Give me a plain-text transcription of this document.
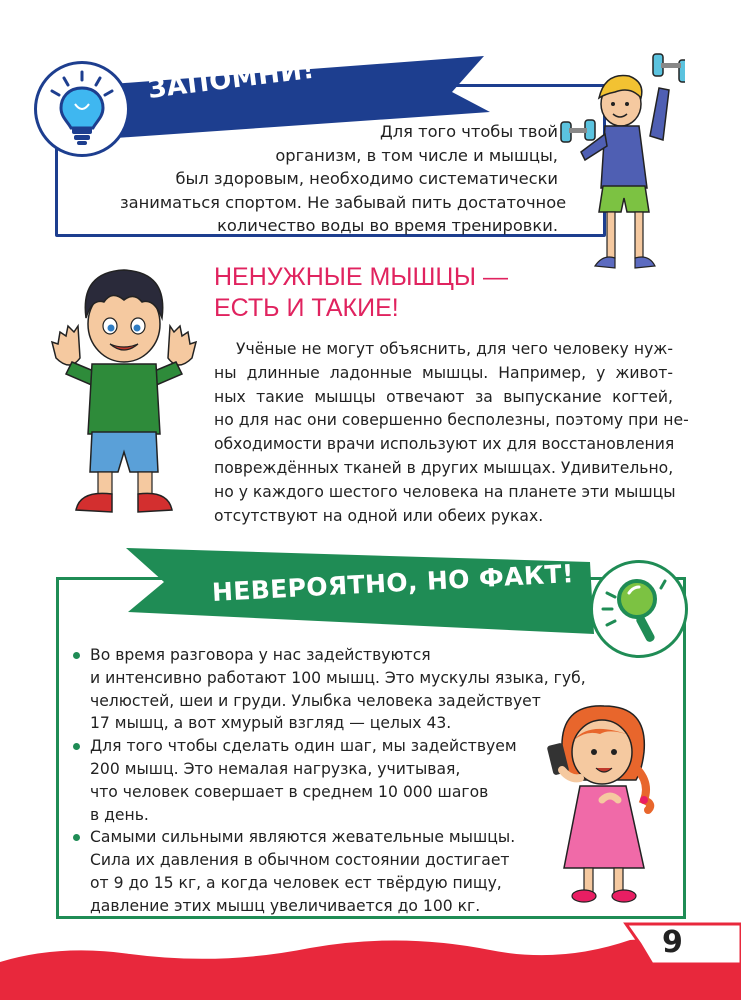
ЗАПОМНИ!
Для того чтобы твой
организм, в том числе и мышцы,
был здоровым, необходимо систематически
заниматься спортом. Не забывай пить достаточное
количество воды во время тренировки.
НЕНУЖНЫЕ МЫШЦЫ —
ЕСТЬ И ТАКИЕ!
Учёные не могут объяснить, для чего человеку нуж-
ны длинные ладонные мышцы. Например, у живот-
ных такие мышцы отвечают за выпускание когтей,
но для нас они совершенно бесполезны, поэтому при не-
обходимости врачи используют их для восстановления
повреждённых тканей в других мышцах. Удивительно,
но у каждого шестого человека на планете эти мышцы
отсутствуют на одной или обеих руках.
НЕВЕРОЯТНО, НО ФАКТ!
Во время разговора у нас задействуются
и интенсивно работают 100 мышц. Это мускулы языка, губ,
челюстей, шеи и груди. Улыбка человека задействует
17 мышц, а вот хмурый взгляд — целых 43.
Для того чтобы сделать один шаг, мы задействуем
200 мышц. Это немалая нагрузка, учитывая,
что человек совершает в среднем 10 000 шагов
в день.
Самыми сильными являются жевательные мышцы.
Сила их давления в обычном состоянии достигает
от 9 до 15 кг, а когда человек ест твёрдую пищу,
давление этих мышц увеличивается до 100 кг.
9
